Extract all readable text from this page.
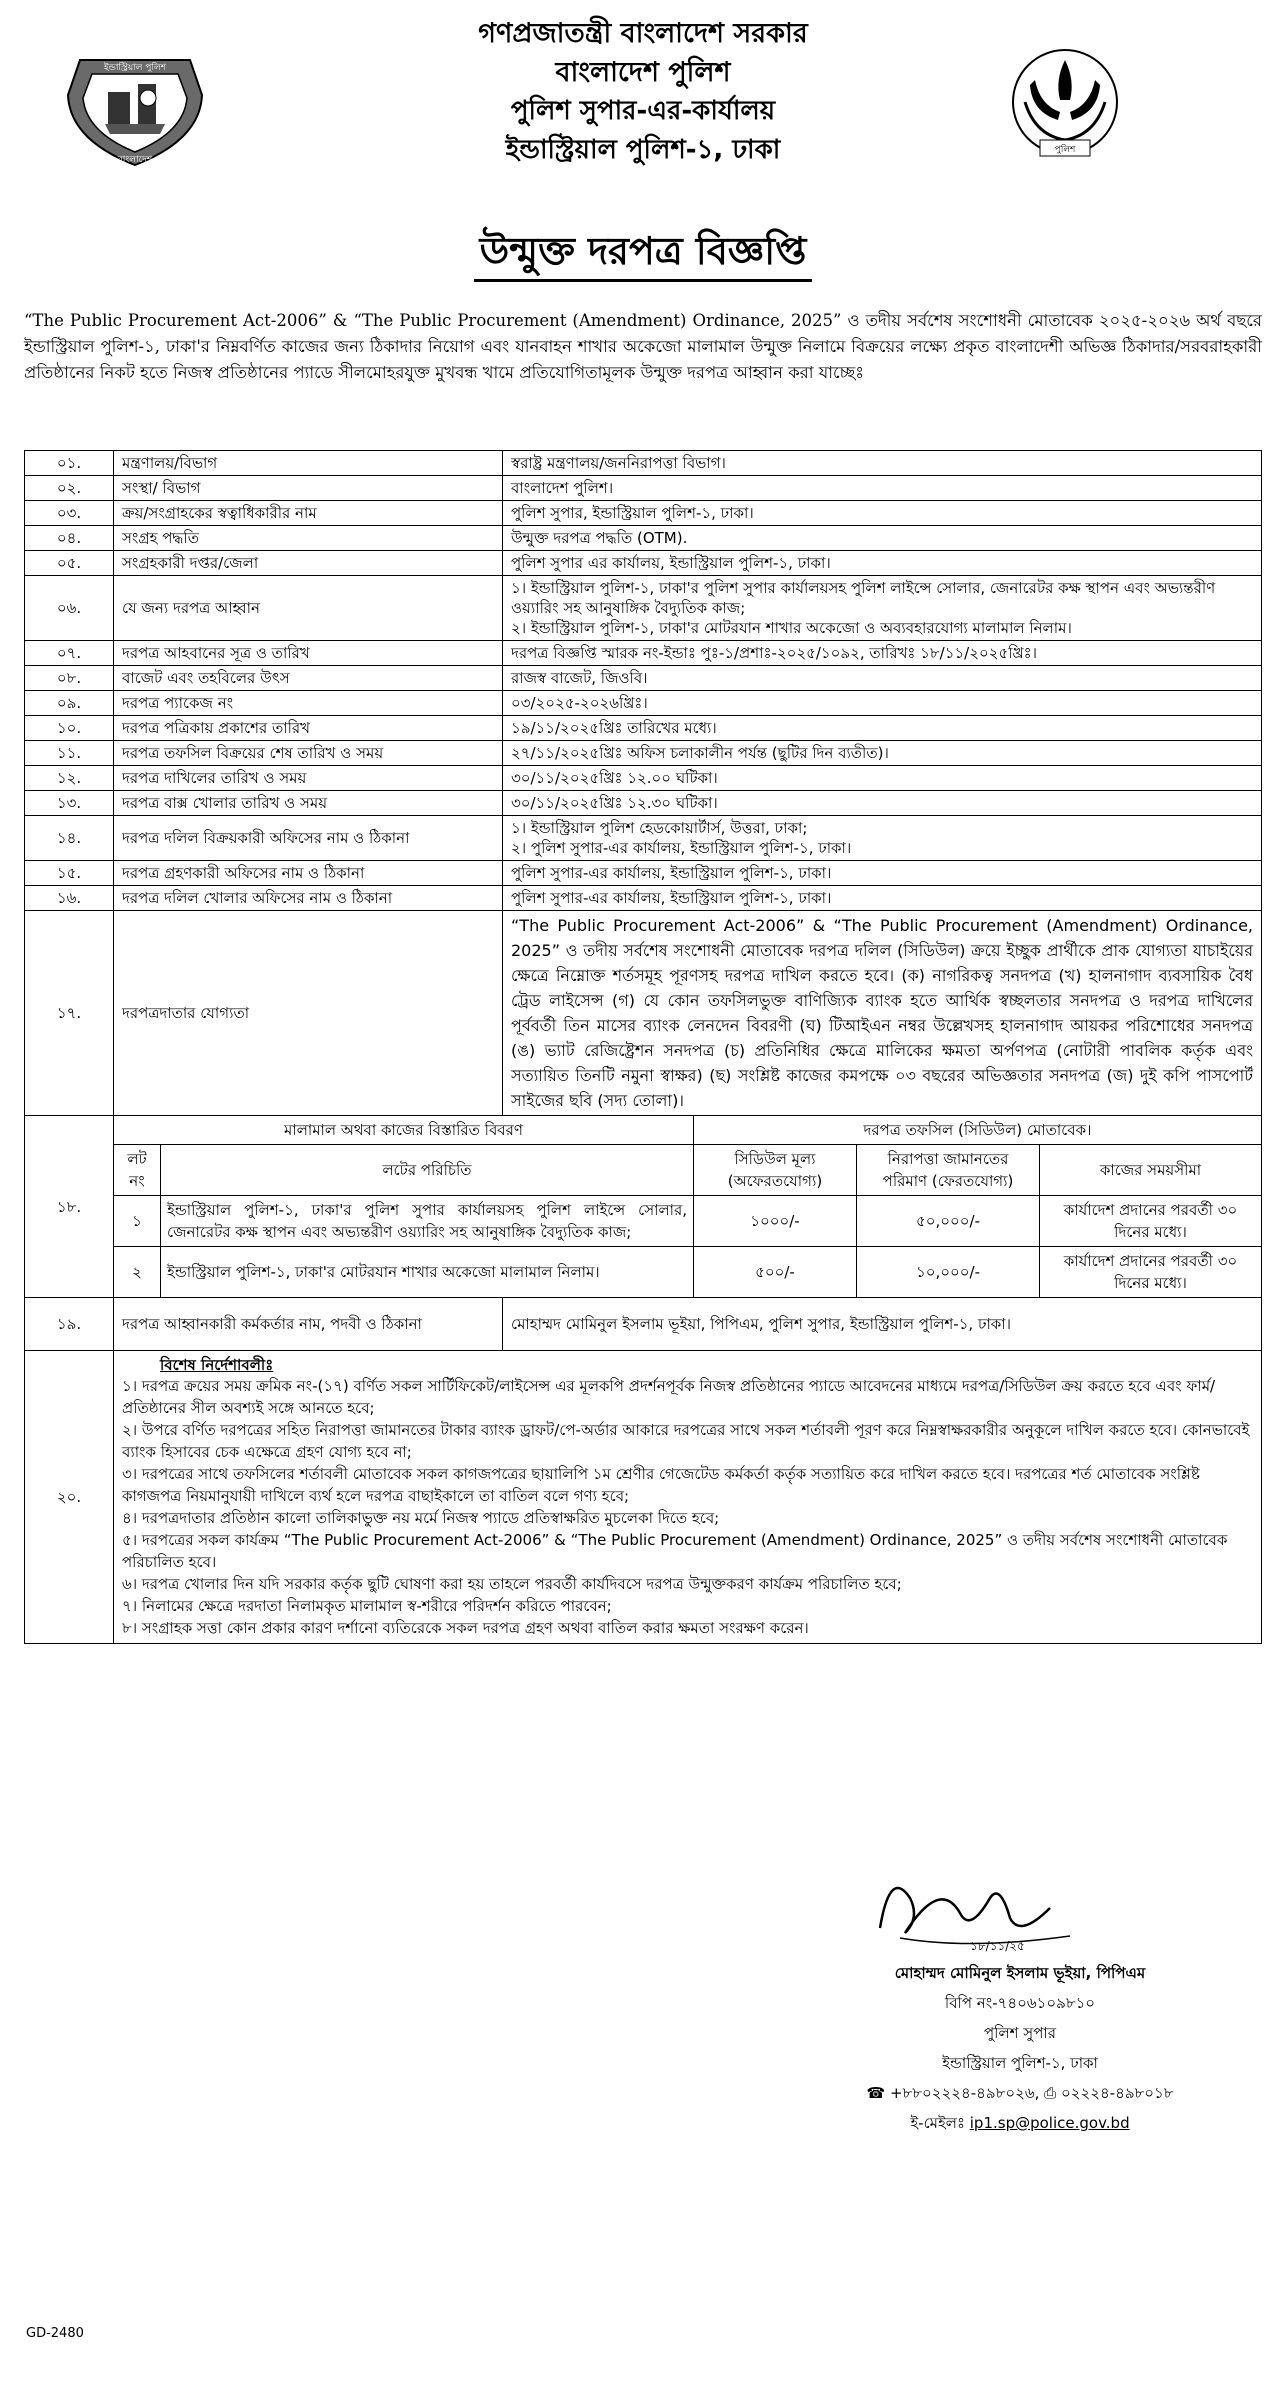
ইন্ডাস্ট্রিয়াল পুলিশ
বাংলাদেশ
পুলিশ
গণপ্রজাতন্ত্রী বাংলাদেশ সরকার
বাংলাদেশ পুলিশ
পুলিশ সুপার-এর-কার্যালয়
ইন্ডাস্ট্রিয়াল পুলিশ-১, ঢাকা
উন্মুক্ত দরপত্র বিজ্ঞপ্তি
“The Public Procurement Act-2006” & “The Public Procurement (Amendment) Ordinance, 2025” ও তদীয় সর্বশেষ সংশোধনী মোতাবেক ২০২৫-২০২৬ অর্থ বছরে ইন্ডাস্ট্রিয়াল পুলিশ-১, ঢাকা'র নিম্নবর্ণিত কাজের জন্য ঠিকাদার নিয়োগ এবং যানবাহন শাখার অকেজো মালামাল উন্মুক্ত নিলামে বিক্রয়ের লক্ষ্যে প্রকৃত বাংলাদেশী অভিজ্ঞ ঠিকাদার/সরবরাহকারী প্রতিষ্ঠানের নিকট হতে নিজস্ব প্রতিষ্ঠানের প্যাডে সীলমোহরযুক্ত মুখবন্ধ খামে প্রতিযোগিতামূলক উন্মুক্ত দরপত্র আহ্বান করা যাচ্ছেঃ
০১.	মন্ত্রণালয়/বিভাগ	স্বরাষ্ট্র মন্ত্রণালয়/জননিরাপত্তা বিভাগ।

০২.	সংস্থা/ বিভাগ	বাংলাদেশ পুলিশ।

০৩.	ক্রয়/সংগ্রাহকের স্বত্বাধিকারীর নাম	পুলিশ সুপার, ইন্ডাস্ট্রিয়াল পুলিশ-১, ঢাকা।

০৪.	সংগ্রহ পদ্ধতি	উন্মুক্ত দরপত্র পদ্ধতি (OTM).

০৫.	সংগ্রহকারী দপ্তর/জেলা	পুলিশ সুপার এর কার্যালয়, ইন্ডাস্ট্রিয়াল পুলিশ-১, ঢাকা।

০৬.	যে জন্য দরপত্র আহ্বান	
১। ইন্ডাস্ট্রিয়াল পুলিশ-১, ঢাকা'র পুলিশ সুপার কার্যালয়সহ পুলিশ লাইন্সে সোলার, জেনারেটর কক্ষ স্থাপন এবং অভ্যন্তরীণ ওয়্যারিং সহ আনুষাঙ্গিক বৈদ্যুতিক কাজ;
২। ইন্ডাস্ট্রিয়াল পুলিশ-১, ঢাকা'র মোটরযান শাখার অকেজো ও অব্যবহারযোগ্য মালামাল নিলাম।

০৭.	দরপত্র আহবানের সূত্র ও তারিখ	দরপত্র বিজ্ঞপ্তি স্মারক নং-ইন্ডাঃ পুঃ-১/প্রশাঃ-২০২৫/১০৯২, তারিখঃ ১৮/১১/২০২৫খ্রিঃ।

০৮.	বাজেট এবং তহবিলের উৎস	রাজস্ব বাজেট, জিওবি।

০৯.	দরপত্র প্যাকেজ নং	০৩/২০২৫-২০২৬খ্রিঃ।

১০.	দরপত্র পত্রিকায় প্রকাশের তারিখ	১৯/১১/২০২৫খ্রিঃ তারিখের মধ্যে।

১১.	দরপত্র তফসিল বিক্রয়ের শেষ তারিখ ও সময়	২৭/১১/২০২৫খ্রিঃ অফিস চলাকালীন পর্যন্ত (ছুটির দিন ব্যতীত)।

১২.	দরপত্র দাখিলের তারিখ ও সময়	৩০/১১/২০২৫খ্রিঃ ১২.০০ ঘটিকা।

১৩.	দরপত্র বাক্স খোলার তারিখ ও সময়	৩০/১১/২০২৫খ্রিঃ ১২.৩০ ঘটিকা।

১৪.	দরপত্র দলিল বিক্রয়কারী অফিসের নাম ও ঠিকানা	
১। ইন্ডাস্ট্রিয়াল পুলিশ হেডকোয়ার্টার্স, উত্তরা, ঢাকা;
২। পুলিশ সুপার-এর কার্যালয়, ইন্ডাস্ট্রিয়াল পুলিশ-১, ঢাকা।

১৫.	দরপত্র গ্রহণকারী অফিসের নাম ও ঠিকানা	পুলিশ সুপার-এর কার্যালয়, ইন্ডাস্ট্রিয়াল পুলিশ-১, ঢাকা।

১৬.	দরপত্র দলিল খোলার অফিসের নাম ও ঠিকানা	পুলিশ সুপার-এর কার্যালয়, ইন্ডাস্ট্রিয়াল পুলিশ-১, ঢাকা।

১৭.	দরপত্রদাতার যোগ্যতা	
“The Public Procurement Act-2006” & “The Public Procurement (Amendment) Ordinance, 2025” ও তদীয় সর্বশেষ সংশোধনী মোতাবেক দরপত্র দলিল (সিডিউল) ক্রয়ে ইচ্ছুক প্রার্থীকে প্রাক যোগ্যতা যাচাইয়ের ক্ষেত্রে নিম্নোক্ত শর্তসমূহ পূরণসহ দরপত্র দাখিল করতে হবে। (ক) নাগরিকত্ব সনদপত্র (খ) হালনাগাদ ব্যবসায়িক বৈধ ট্রেড লাইসেন্স (গ) যে কোন তফসিলভুক্ত বাণিজ্যিক ব্যাংক হতে আর্থিক স্বচ্ছলতার সনদপত্র ও দরপত্র দাখিলের পূর্ববর্তী তিন মাসের ব্যাংক লেনদেন বিবরণী (ঘ) টিআইএন নম্বর উল্লেখসহ হালনাগাদ আয়কর পরিশোধের সনদপত্র (ঙ) ভ্যাট রেজিষ্ট্রেশন সনদপত্র (চ) প্রতিনিধির ক্ষেত্রে মালিকের ক্ষমতা অর্পণপত্র (নোটারী পাবলিক কর্তৃক এবং সত্যায়িত তিনটি নমুনা স্বাক্ষর) (ছ) সংশ্লিষ্ট কাজের কমপক্ষে ০৩ বছরের অভিজ্ঞতার সনদপত্র (জ) দুই কপি পাসপোর্ট সাইজের ছবি (সদ্য তোলা)।

১৮.	
মালামাল অথবা কাজের বিস্তারিত বিবরণ	দরপত্র তফসিল (সিডিউল) মোতাবেক।
লট নং	লটের পরিচিতি	সিডিউল মূল্য (অফেরতযোগ্য)	নিরাপত্তা জামানতের পরিমাণ (ফেরতযোগ্য)	কাজের সময়সীমা
১	ইন্ডাস্ট্রিয়াল পুলিশ-১, ঢাকা'র পুলিশ সুপার কার্যালয়সহ পুলিশ লাইন্সে সোলার, জেনারেটর কক্ষ স্থাপন এবং অভ্যন্তরীণ ওয়্যারিং সহ আনুষাঙ্গিক বৈদ্যুতিক কাজ;	১০০০/-	৫০,০০০/-	কার্যাদেশ প্রদানের পরবর্তী ৩০ দিনের মধ্যে।
২	ইন্ডাস্ট্রিয়াল পুলিশ-১, ঢাকা'র মোটরযান শাখার অকেজো মালামাল নিলাম।	৫০০/-	১০,০০০/-	কার্যাদেশ প্রদানের পরবর্তী ৩০ দিনের মধ্যে।

১৯.	দরপত্র আহ্বানকারী কর্মকর্তার নাম, পদবী ও ঠিকানা	মোহাম্মদ মোমিনুল ইসলাম ভূইয়া, পিপিএম, পুলিশ সুপার, ইন্ডাস্ট্রিয়াল পুলিশ-১, ঢাকা।
২০.	
বিশেষ নির্দেশাবলীঃ
১। দরপত্র ক্রয়ের সময় ক্রমিক নং-(১৭) বর্ণিত সকল সার্টিফিকেট/লাইসেন্স এর মূলকপি প্রদর্শনপূর্বক নিজস্ব প্রতিষ্ঠানের প্যাডে আবেদনের মাধ্যমে দরপত্র/সিডিউল ক্রয় করতে হবে এবং ফার্ম/প্রতিষ্ঠানের সীল অবশ্যই সঙ্গে আনতে হবে;
২। উপরে বর্ণিত দরপত্রের সহিত নিরাপত্তা জামানতের টাকার ব্যাংক ড্রাফট/পে-অর্ডার আকারে দরপত্রের সাথে সকল শর্তাবলী পূরণ করে নিম্নস্বাক্ষরকারীর অনুকূলে দাখিল করতে হবে। কোনভাবেই ব্যাংক হিসাবের চেক এক্ষেত্রে গ্রহণ যোগ্য হবে না;
৩। দরপত্রের সাথে তফসিলের শর্তাবলী মোতাবেক সকল কাগজপত্রের ছায়ালিপি ১ম শ্রেণীর গেজেটেড কর্মকর্তা কর্তৃক সত্যায়িত করে দাখিল করতে হবে। দরপত্রের শর্ত মোতাবেক সংশ্লিষ্ট কাগজপত্র নিয়মানুযায়ী দাখিলে ব্যর্থ হলে দরপত্র বাছাইকালে তা বাতিল বলে গণ্য হবে;
৪। দরপত্রদাতার প্রতিষ্ঠান কালো তালিকাভুক্ত নয় মর্মে নিজস্ব প্যাডে প্রতিস্বাক্ষরিত মুচলেকা দিতে হবে;
৫। দরপত্রের সকল কার্যক্রম “The Public Procurement Act-2006” & “The Public Procurement (Amendment) Ordinance, 2025” ও তদীয় সর্বশেষ সংশোধনী মোতাবেক পরিচালিত হবে।
৬। দরপত্র খোলার দিন যদি সরকার কর্তৃক ছুটি ঘোষণা করা হয় তাহলে পরবর্তী কার্যদিবসে দরপত্র উন্মুক্তকরণ কার্যক্রম পরিচালিত হবে;
৭। নিলামের ক্ষেত্রে দরদাতা নিলামকৃত মালামাল স্ব-শরীরে পরিদর্শন করিতে পারবেন;
৮। সংগ্রাহক সত্তা কোন প্রকার কারণ দর্শানো ব্যতিরেকে সকল দরপত্র গ্রহণ অথবা বাতিল করার ক্ষমতা সংরক্ষণ করেন।
১৮/১১/২৫
মোহাম্মদ মোমিনুল ইসলাম ভূইয়া, পিপিএম
বিপি নং-৭৪০৬১০৯৮১০
পুলিশ সুপার
ইন্ডাস্ট্রিয়াল পুলিশ-১, ঢাকা
☎ +৮৮০২২২৪-৪৯৮০২৬, ⎙ ০২২২৪-৪৯৮০১৮
ই-মেইলঃ ip1.sp@police.gov.bd
GD-2480
